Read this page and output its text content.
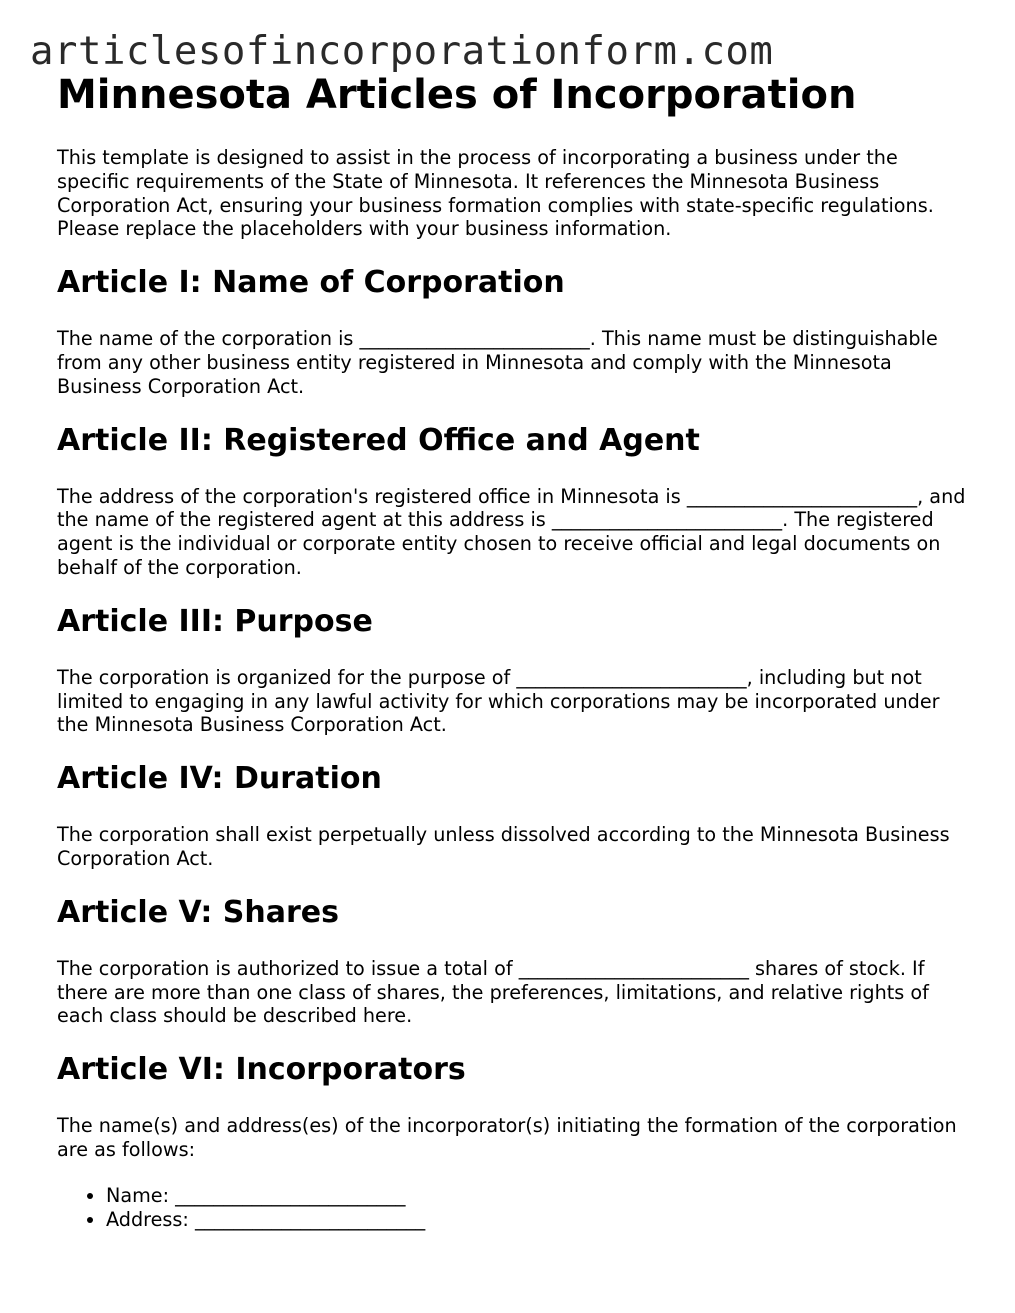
articlesofincorporationform.com
Minnesota Articles of Incorporation

This template is designed to assist in the process of incorporating a business under the specific requirements of the State of Minnesota. It references the Minnesota Business Corporation Act, ensuring your business formation complies with state-specific regulations. Please replace the placeholders with your business information.

Article I: Name of Corporation

The name of the corporation is ________________________. This name must be distinguishable from any other business entity registered in Minnesota and comply with the Minnesota Business Corporation Act.

Article II: Registered Office and Agent

The address of the corporation's registered office in Minnesota is ________________________, and the name of the registered agent at this address is ________________________. The registered agent is the individual or corporate entity chosen to receive official and legal documents on behalf of the corporation.

Article III: Purpose

The corporation is organized for the purpose of ________________________, including but not limited to engaging in any lawful activity for which corporations may be incorporated under the Minnesota Business Corporation Act.

Article IV: Duration

The corporation shall exist perpetually unless dissolved according to the Minnesota Business Corporation Act.

Article V: Shares

The corporation is authorized to issue a total of ________________________ shares of stock. If there are more than one class of shares, the preferences, limitations, and relative rights of each class should be described here.

Article VI: Incorporators

The name(s) and address(es) of the incorporator(s) initiating the formation of the corporation are as follows:

• Name: ________________________
• Address: ________________________
